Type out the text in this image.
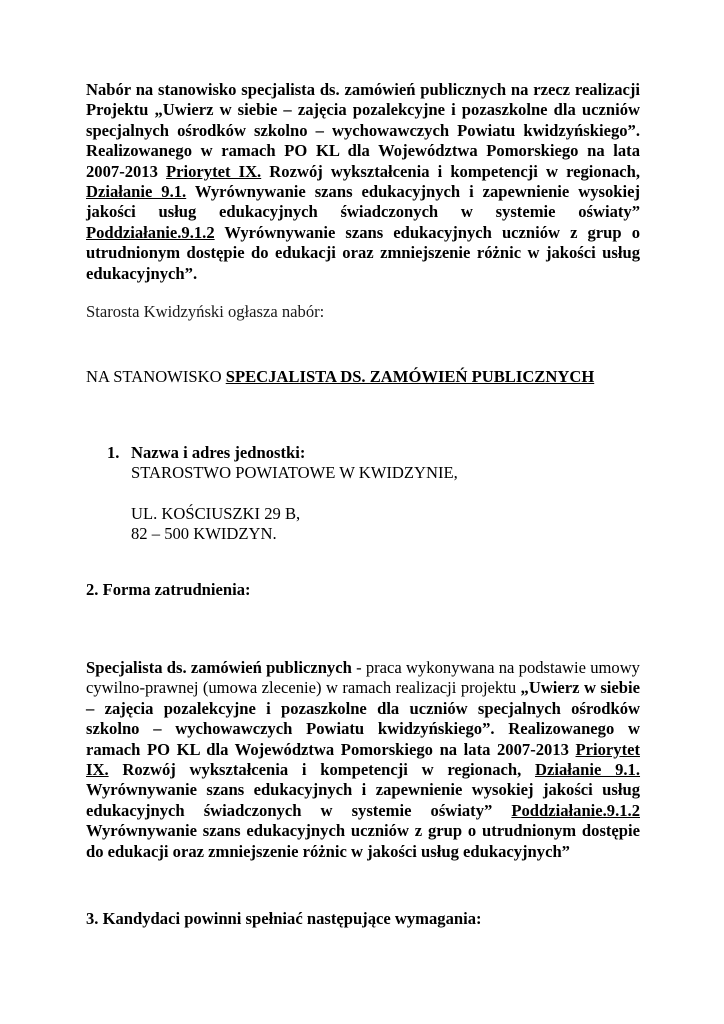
Nabór na stanowisko specjalista ds. zamówień publicznych na rzecz realizacji Projektu „Uwierz w siebie – zajęcia pozalekcyjne i pozaszkolne dla uczniów specjalnych ośrodków szkolno – wychowawczych Powiatu kwidzyńskiego”. Realizowanego w ramach PO KL dla Województwa Pomorskiego na lata 2007-2013 Priorytet IX. Rozwój wykształcenia i kompetencji w regionach, Działanie 9.1. Wyrównywanie szans edukacyjnych i zapewnienie wysokiej jakości usług edukacyjnych świadczonych w systemie oświaty” Poddziałanie.9.1.2 Wyrównywanie szans edukacyjnych uczniów z grup o utrudnionym dostępie do edukacji oraz zmniejszenie różnic w jakości usług edukacyjnych”.

Starosta Kwidzyński ogłasza nabór:

NA STANOWISKO SPECJALISTA DS. ZAMÓWIEŃ PUBLICZNYCH

1. Nazwa i adres jednostki:

STAROSTWO POWIATOWE W KWIDZYNIE,

UL. KOŚCIUSZKI 29 B,

82 – 500 KWIDZYN.

2. Forma zatrudnienia:

Specjalista ds. zamówień publicznych - praca wykonywana na podstawie umowy cywilno-prawnej (umowa zlecenie) w ramach realizacji projektu „Uwierz w siebie – zajęcia pozalekcyjne i pozaszkolne dla uczniów specjalnych ośrodków szkolno – wychowawczych Powiatu kwidzyńskiego”. Realizowanego w ramach PO KL dla Województwa Pomorskiego na lata 2007-2013 Priorytet IX. Rozwój wykształcenia i kompetencji w regionach, Działanie 9.1. Wyrównywanie szans edukacyjnych i zapewnienie wysokiej jakości usług edukacyjnych świadczonych w systemie oświaty” Poddziałanie.9.1.2 Wyrównywanie szans edukacyjnych uczniów z grup o utrudnionym dostępie do edukacji oraz zmniejszenie różnic w jakości usług edukacyjnych”

3. Kandydaci powinni spełniać następujące wymagania:
